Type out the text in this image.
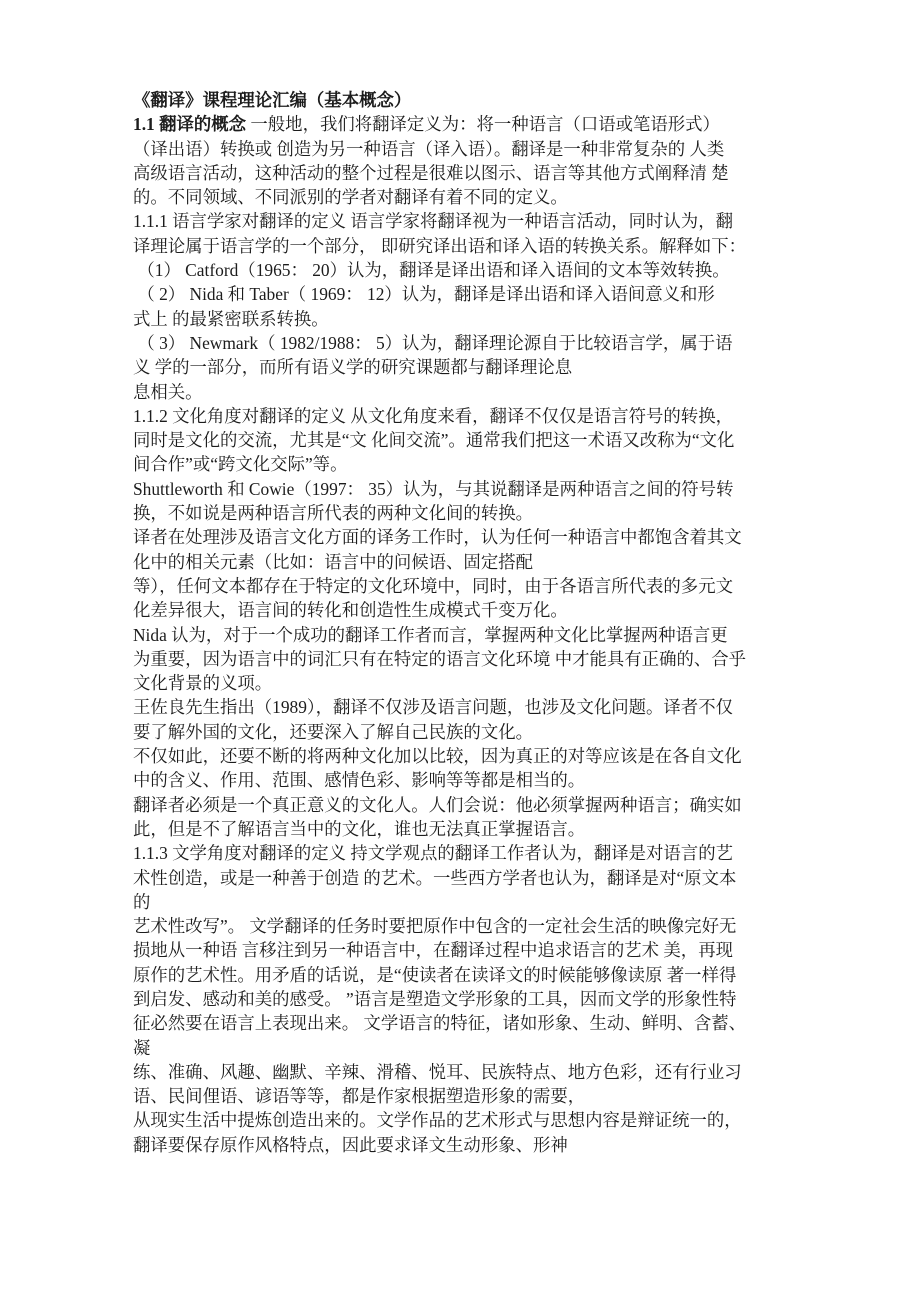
《翻译》课程理论汇编（基本概念）
1.1 翻译的概念 一般地，我们将翻译定义为：将一种语言（口语或笔语形式）
（译出语）转换或 创造为另一种语言（译入语）。翻译是一种非常复杂的 人类
高级语言活动，这种活动的整个过程是很难以图示、语言等其他方式阐释清 楚
的。不同领域、不同派别的学者对翻译有着不同的定义。
1.1.1 语言学家对翻译的定义 语言学家将翻译视为一种语言活动，同时认为，翻
译理论属于语言学的一个部分， 即研究译出语和译入语的转换关系。解释如下：
（1） Catford（1965： 20）认为，翻译是译出语和译入语间的文本等效转换。
（ 2） Nida 和 Taber（ 1969： 12）认为，翻译是译出语和译入语间意义和形
式上 的最紧密联系转换。
（ 3） Newmark（ 1982/1988： 5）认为，翻译理论源自于比较语言学，属于语
义 学的一部分，而所有语义学的研究课题都与翻译理论息
息相关。
1.1.2 文化角度对翻译的定义 从文化角度来看，翻译不仅仅是语言符号的转换，
同时是文化的交流，尤其是“文 化间交流”。通常我们把这一术语又改称为“文化
间合作”或“跨文化交际”等。
Shuttleworth 和 Cowie（1997： 35）认为，与其说翻译是两种语言之间的符号转
换，不如说是两种语言所代表的两种文化间的转换。
译者在处理涉及语言文化方面的译务工作时，认为任何一种语言中都饱含着其文
化中的相关元素（比如：语言中的问候语、固定搭配
等），任何文本都存在于特定的文化环境中，同时，由于各语言所代表的多元文
化差异很大，语言间的转化和创造性生成模式千变万化。
Nida 认为，对于一个成功的翻译工作者而言，掌握两种文化比掌握两种语言更
为重要，因为语言中的词汇只有在特定的语言文化环境 中才能具有正确的、合乎
文化背景的义项。
王佐良先生指出（1989），翻译不仅涉及语言问题，也涉及文化问题。译者不仅
要了解外国的文化，还要深入了解自己民族的文化。
不仅如此，还要不断的将两种文化加以比较，因为真正的对等应该是在各自文化
中的含义、作用、范围、感情色彩、影响等等都是相当的。
翻译者必须是一个真正意义的文化人。人们会说：他必须掌握两种语言；确实如
此，但是不了解语言当中的文化，谁也无法真正掌握语言。
1.1.3 文学角度对翻译的定义 持文学观点的翻译工作者认为，翻译是对语言的艺
术性创造，或是一种善于创造 的艺术。一些西方学者也认为，翻译是对“原文本
的
艺术性改写”。 文学翻译的任务时要把原作中包含的一定社会生活的映像完好无
损地从一种语 言移注到另一种语言中，在翻译过程中追求语言的艺术 美，再现
原作的艺术性。用矛盾的话说，是“使读者在读译文的时候能够像读原 著一样得
到启发、感动和美的感受。 ”语言是塑造文学形象的工具，因而文学的形象性特
征必然要在语言上表现出来。 文学语言的特征，诸如形象、生动、鲜明、含蓄、
凝
练、准确、风趣、幽默、辛辣、滑稽、悦耳、民族特点、地方色彩，还有行业习
语、民间俚语、谚语等等，都是作家根据塑造形象的需要，
从现实生活中提炼创造出来的。文学作品的艺术形式与思想内容是辩证统一的，
翻译要保存原作风格特点，因此要求译文生动形象、形神
